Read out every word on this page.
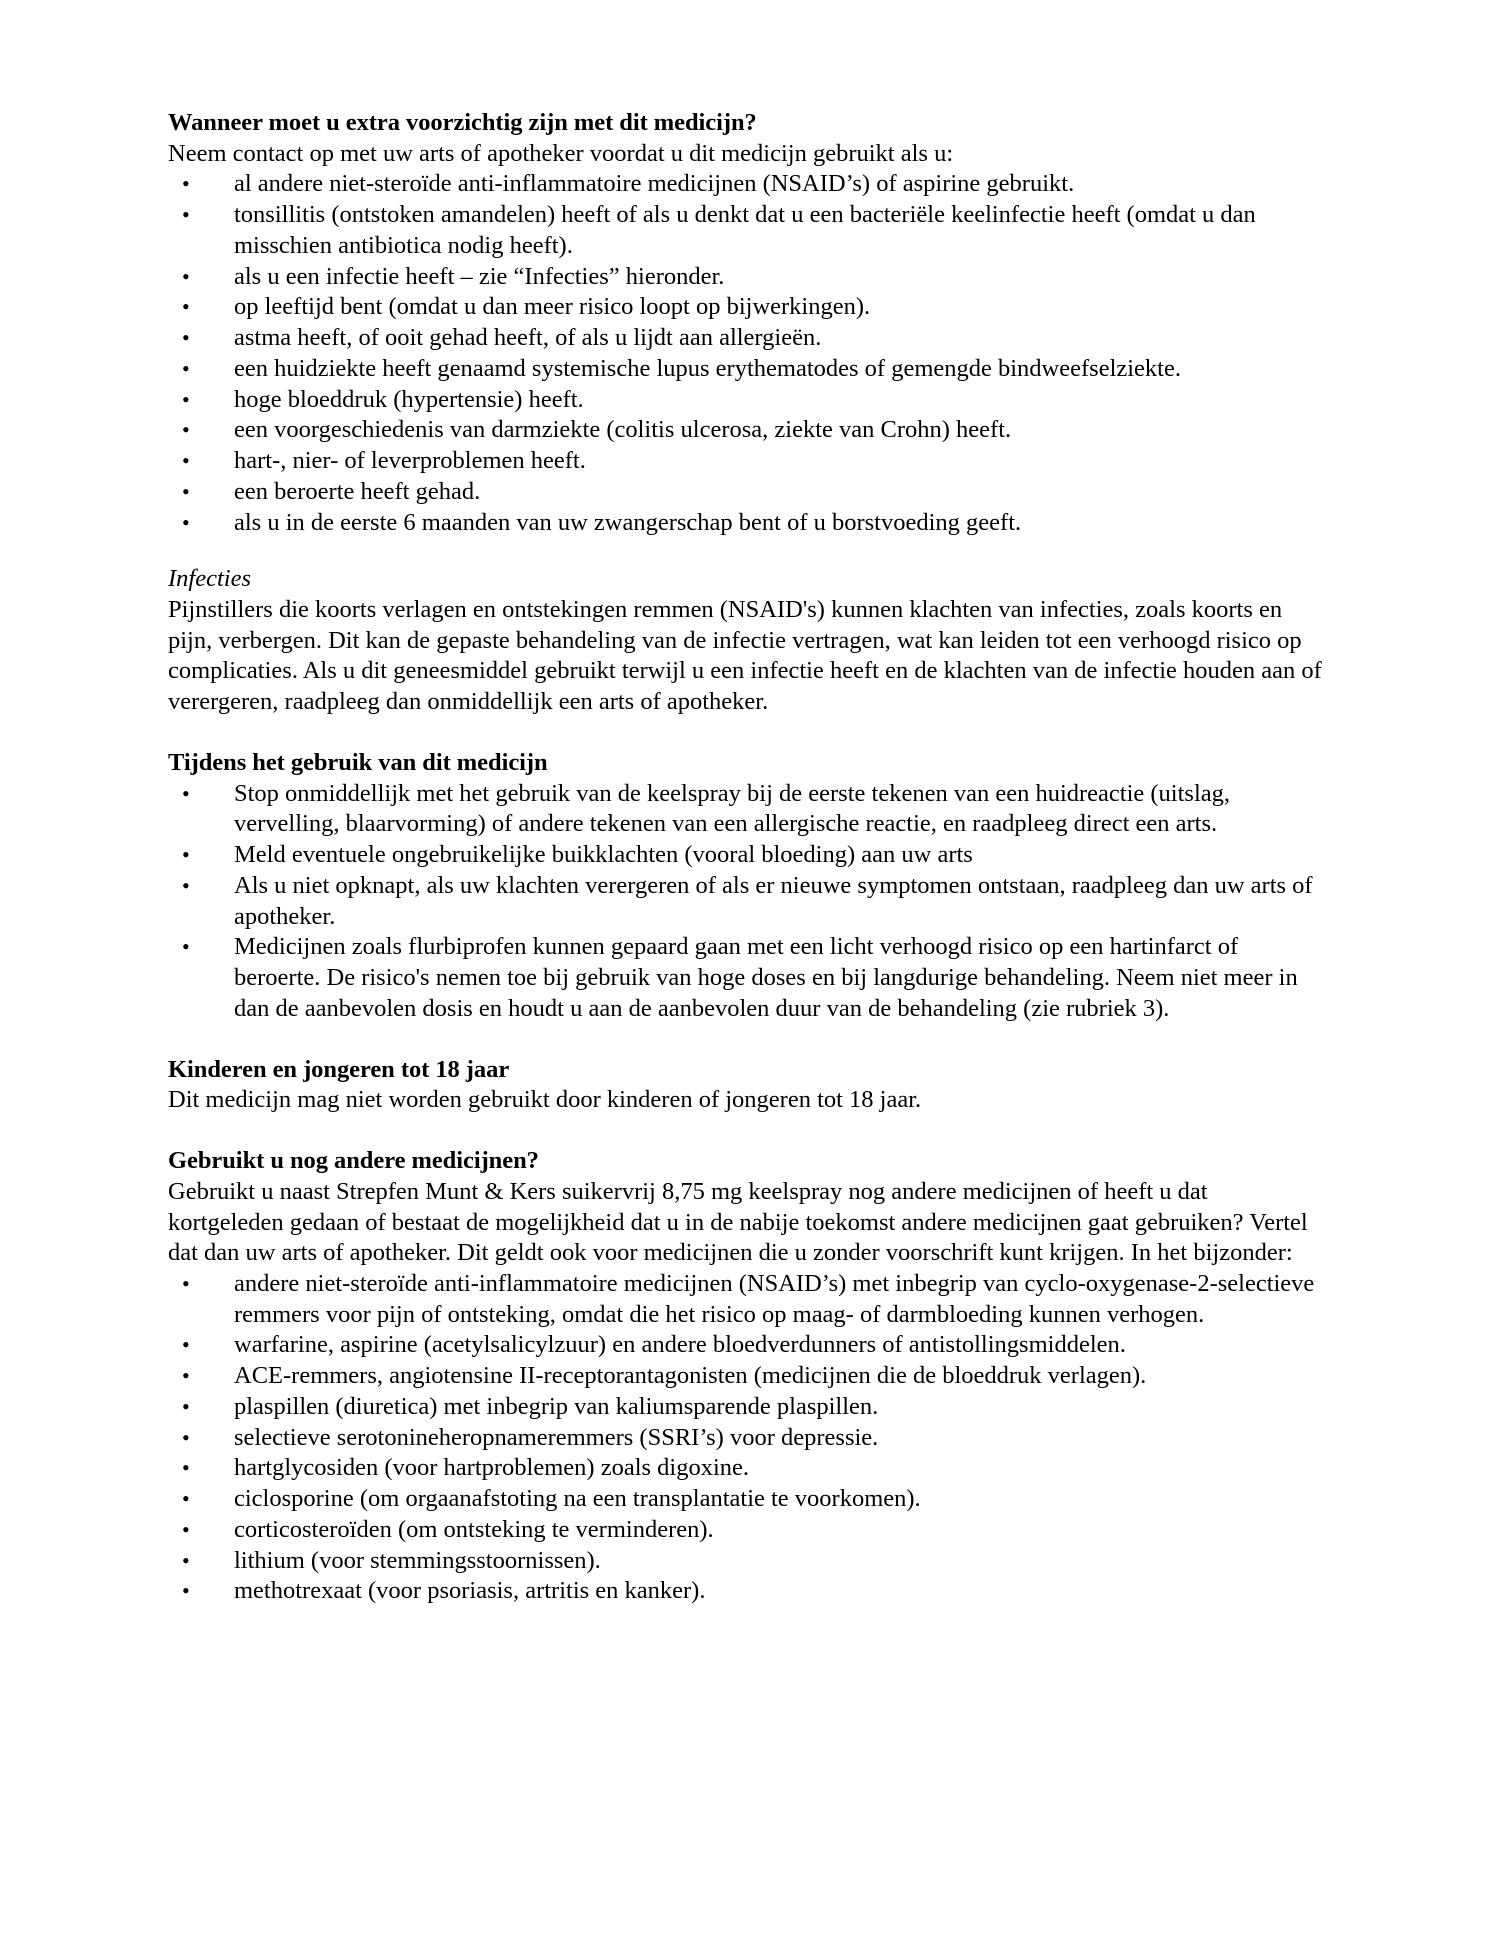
Wanneer moet u extra voorzichtig zijn met dit medicijn?

Neem contact op met uw arts of apotheker voordat u dit medicijn gebruikt als u:

• al andere niet-steroïde anti-inflammatoire medicijnen (NSAID’s) of aspirine gebruikt.
• tonsillitis (ontstoken amandelen) heeft of als u denkt dat u een bacteriële keelinfectie heeft (omdat u dan misschien antibiotica nodig heeft).
• als u een infectie heeft – zie “Infecties” hieronder.
• op leeftijd bent (omdat u dan meer risico loopt op bijwerkingen).
• astma heeft, of ooit gehad heeft, of als u lijdt aan allergieën.
• een huidziekte heeft genaamd systemische lupus erythematodes of gemengde bindweefselziekte.
• hoge bloeddruk (hypertensie) heeft.
• een voorgeschiedenis van darmziekte (colitis ulcerosa, ziekte van Crohn) heeft.
• hart-, nier- of leverproblemen heeft.
• een beroerte heeft gehad.
• als u in de eerste 6 maanden van uw zwangerschap bent of u borstvoeding geeft.

Infecties

Pijnstillers die koorts verlagen en ontstekingen remmen (NSAID's) kunnen klachten van infecties, zoals koorts en pijn, verbergen. Dit kan de gepaste behandeling van de infectie vertragen, wat kan leiden tot een verhoogd risico op complicaties. Als u dit geneesmiddel gebruikt terwijl u een infectie heeft en de klachten van de infectie houden aan of verergeren, raadpleeg dan onmiddellijk een arts of apotheker.

Tijdens het gebruik van dit medicijn
• Stop onmiddellijk met het gebruik van de keelspray bij de eerste tekenen van een huidreactie (uitslag, vervelling, blaarvorming) of andere tekenen van een allergische reactie, en raadpleeg direct een arts.
• Meld eventuele ongebruikelijke buikklachten (vooral bloeding) aan uw arts
• Als u niet opknapt, als uw klachten verergeren of als er nieuwe symptomen ontstaan, raadpleeg dan uw arts of apotheker.
• Medicijnen zoals flurbiprofen kunnen gepaard gaan met een licht verhoogd risico op een hartinfarct of beroerte. De risico's nemen toe bij gebruik van hoge doses en bij langdurige behandeling. Neem niet meer in dan de aanbevolen dosis en houdt u aan de aanbevolen duur van de behandeling (zie rubriek 3).
Kinderen en jongeren tot 18 jaar

Dit medicijn mag niet worden gebruikt door kinderen of jongeren tot 18 jaar.

Gebruikt u nog andere medicijnen?

Gebruikt u naast Strepfen Munt & Kers suikervrij 8,75 mg keelspray nog andere medicijnen of heeft u dat kortgeleden gedaan of bestaat de mogelijkheid dat u in de nabije toekomst andere medicijnen gaat gebruiken? Vertel dat dan uw arts of apotheker. Dit geldt ook voor medicijnen die u zonder voorschrift kunt krijgen. In het bijzonder:

• andere niet-steroïde anti-inflammatoire medicijnen (NSAID’s) met inbegrip van cyclo-oxygenase-2-selectieve remmers voor pijn of ontsteking, omdat die het risico op maag- of darmbloeding kunnen verhogen.
• warfarine, aspirine (acetylsalicylzuur) en andere bloedverdunners of antistollingsmiddelen.
• ACE-remmers, angiotensine II-receptorantagonisten (medicijnen die de bloeddruk verlagen).
• plaspillen (diuretica) met inbegrip van kaliumsparende plaspillen.
• selectieve serotonineheropnameremmers (SSRI’s) voor depressie.
• hartglycosiden (voor hartproblemen) zoals digoxine.
• ciclosporine (om orgaanafstoting na een transplantatie te voorkomen).
• corticosteroïden (om ontsteking te verminderen).
• lithium (voor stemmingsstoornissen).
• methotrexaat (voor psoriasis, artritis en kanker).
